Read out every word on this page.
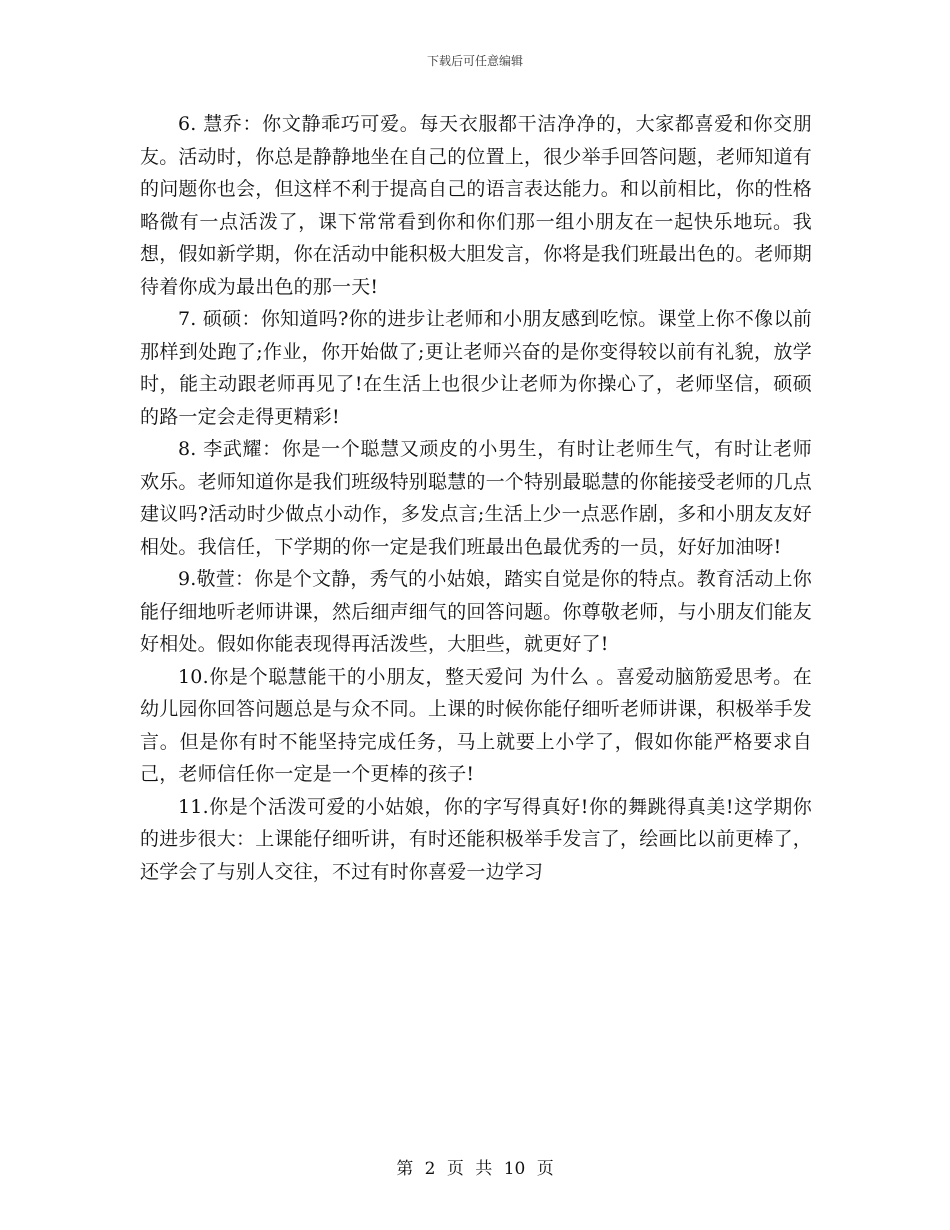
下载后可任意编辑

6. 慧乔：你文静乖巧可爱。每天衣服都干洁净净的，大家都喜爱和你交朋友。活动时，你总是静静地坐在自己的位置上，很少举手回答问题，老师知道有的问题你也会，但这样不利于提高自己的语言表达能力。和以前相比，你的性格略微有一点活泼了，课下常常看到你和你们那一组小朋友在一起快乐地玩。我想，假如新学期，你在活动中能积极大胆发言，你将是我们班最出色的。老师期待着你成为最出色的那一天!

7. 硕硕：你知道吗?你的进步让老师和小朋友感到吃惊。课堂上你不像以前那样到处跑了;作业，你开始做了;更让老师兴奋的是你变得较以前有礼貌，放学时，能主动跟老师再见了!在生活上也很少让老师为你操心了，老师坚信，硕硕的路一定会走得更精彩!

8. 李武耀：你是一个聪慧又顽皮的小男生，有时让老师生气，有时让老师欢乐。老师知道你是我们班级特别聪慧的一个特别最聪慧的你能接受老师的几点建议吗?活动时少做点小动作，多发点言;生活上少一点恶作剧，多和小朋友友好相处。我信任，下学期的你一定是我们班最出色最优秀的一员，好好加油呀!

9.敬萱：你是个文静，秀气的小姑娘，踏实自觉是你的特点。教育活动上你能仔细地听老师讲课，然后细声细气的回答问题。你尊敬老师，与小朋友们能友好相处。假如你能表现得再活泼些，大胆些，就更好了!

10.你是个聪慧能干的小朋友，整天爱问 为什么 。喜爱动脑筋爱思考。在幼儿园你回答问题总是与众不同。上课的时候你能仔细听老师讲课，积极举手发言。但是你有时不能坚持完成任务，马上就要上小学了，假如你能严格要求自己，老师信任你一定是一个更棒的孩子!

11.你是个活泼可爱的小姑娘，你的字写得真好!你的舞跳得真美!这学期你的进步很大：上课能仔细听讲，有时还能积极举手发言了，绘画比以前更棒了，还学会了与别人交往，不过有时你喜爱一边学习

第 2 页 共 10 页
